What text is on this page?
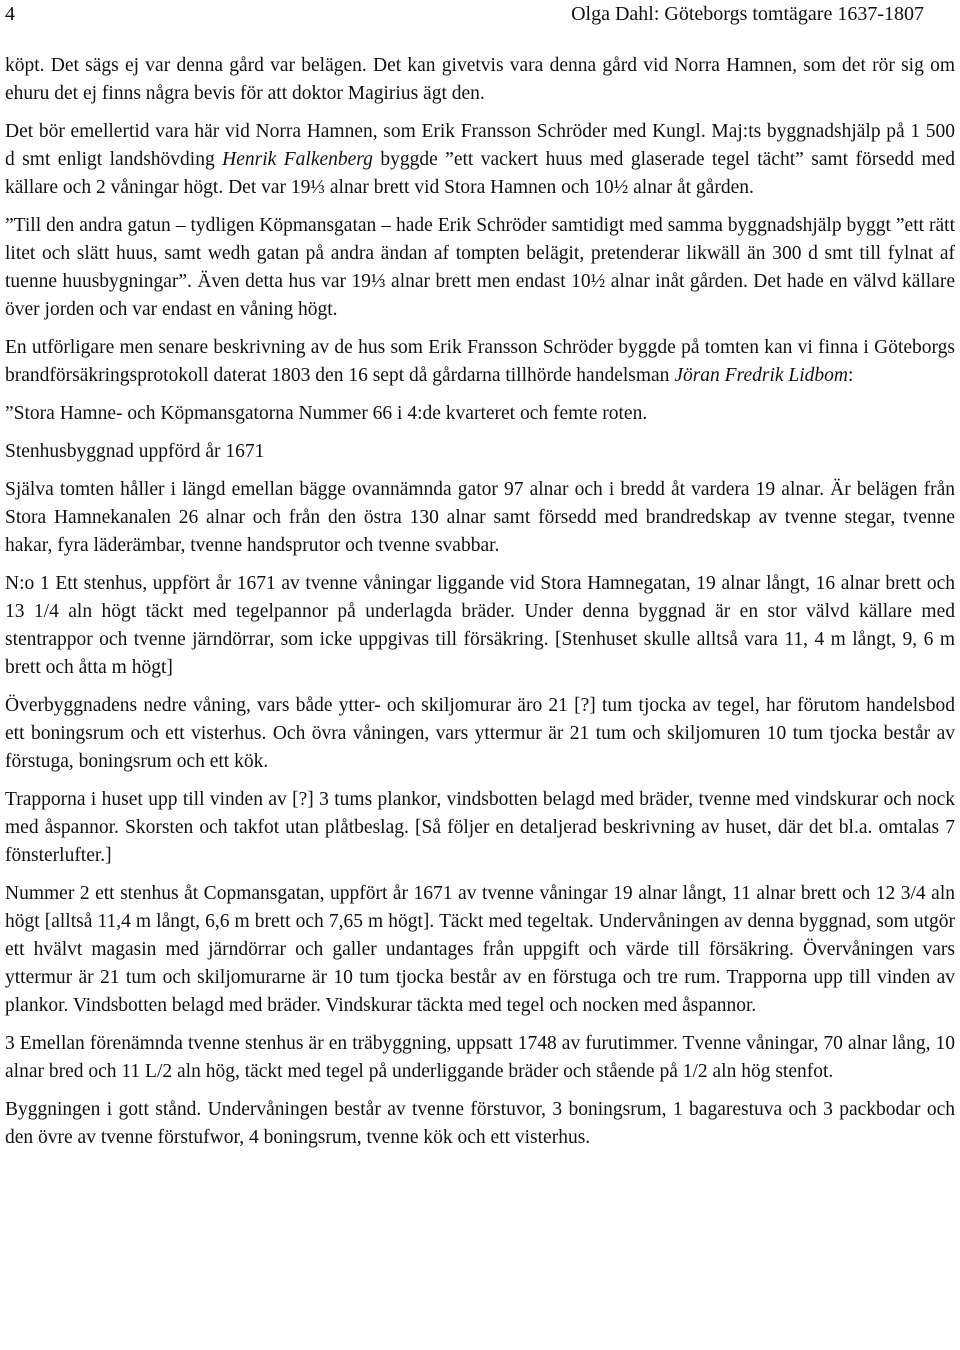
4	Olga Dahl: Göteborgs tomtägare 1637-1807

köpt. Det sägs ej var denna gård var belägen. Det kan givetvis vara denna gård vid Norra Hamnen, som det rör sig om ehuru det ej finns några bevis för att doktor Magirius ägt den.

Det bör emellertid vara här vid Norra Hamnen, som Erik Fransson Schröder med Kungl. Maj:ts byggnadshjälp på 1 500 d smt enligt landshövding Henrik Falkenberg byggde ”ett vackert huus med glaserade tegel tächt” samt försedd med källare och 2 våningar högt. Det var 19⅓ alnar brett vid Stora Hamnen och 10½ alnar åt gården.

”Till den andra gatun – tydligen Köpmansgatan – hade Erik Schröder samtidigt med samma byggnadshjälp byggt ”ett rätt litet och slätt huus, samt wedh gatan på andra ändan af tompten belägit, pretenderar likwäll än 300 d smt till fylnat af tuenne huusbygningar”. Även detta hus var 19⅓ alnar brett men endast 10½ alnar inåt gården. Det hade en välvd källare över jorden och var endast en våning högt.

En utförligare men senare beskrivning av de hus som Erik Fransson Schröder byggde på tomten kan vi finna i Göteborgs brandförsäkringsprotokoll daterat 1803 den 16 sept då gårdarna tillhörde handelsman Jöran Fredrik Lidbom:

”Stora Hamne- och Köpmansgatorna Nummer 66 i 4:de kvarteret och femte roten.

Stenhusbyggnad uppförd år 1671

Själva tomten håller i längd emellan bägge ovannämnda gator 97 alnar och i bredd åt vardera 19 alnar. Är belägen från Stora Hamnekanalen 26 alnar och från den östra 130 alnar samt försedd med brandredskap av tvenne stegar, tvenne hakar, fyra läderämbar, tvenne handsprutor och tvenne svabbar.

N:o 1 Ett stenhus, uppfört år 1671 av tvenne våningar liggande vid Stora Hamnegatan, 19 alnar långt, 16 alnar brett och 13 1/4 aln högt täckt med tegelpannor på underlagda bräder. Under denna byggnad är en stor välvd källare med stentrappor och tvenne järndörrar, som icke uppgivas till försäkring. [Stenhuset skulle alltså vara 11, 4 m långt, 9, 6 m brett och åtta m högt]

Överbyggnadens nedre våning, vars både ytter- och skiljomurar äro 21 [?] tum tjocka av tegel, har förutom handelsbod ett boningsrum och ett visterhus. Och övra våningen, vars yttermur är 21 tum och skiljomuren 10 tum tjocka består av förstuga, boningsrum och ett kök.

Trapporna i huset upp till vinden av [?] 3 tums plankor, vindsbotten belagd med bräder, tvenne med vindskurar och nock med åspannor. Skorsten och takfot utan plåtbeslag. [Så följer en detaljerad beskrivning av huset, där det bl.a. omtalas 7 fönsterlufter.]

Nummer 2 ett stenhus åt Copmansgatan, uppfört år 1671 av tvenne våningar 19 alnar långt, 11 alnar brett och 12 3/4 aln högt [alltså 11,4 m långt, 6,6 m brett och 7,65 m högt]. Täckt med tegeltak. Undervåningen av denna byggnad, som utgör ett hvälvt magasin med järndörrar och galler undantages från uppgift och värde till försäkring. Övervåningen vars yttermur är 21 tum och skiljomurarne är 10 tum tjocka består av en förstuga och tre rum. Trapporna upp till vinden av plankor. Vindsbotten belagd med bräder. Vindskurar täckta med tegel och nocken med åspannor.

3 Emellan förenämnda tvenne stenhus är en träbyggning, uppsatt 1748 av furutimmer. Tvenne våningar, 70 alnar lång, 10 alnar bred och 11 L/2 aln hög, täckt med tegel på underliggande bräder och stående på 1/2 aln hög stenfot.

Byggningen i gott stånd. Undervåningen består av tvenne förstuvor, 3 boningsrum, 1 bagarestuva och 3 packbodar och den övre av tvenne förstufwor, 4 boningsrum, tvenne kök och ett visterhus.
